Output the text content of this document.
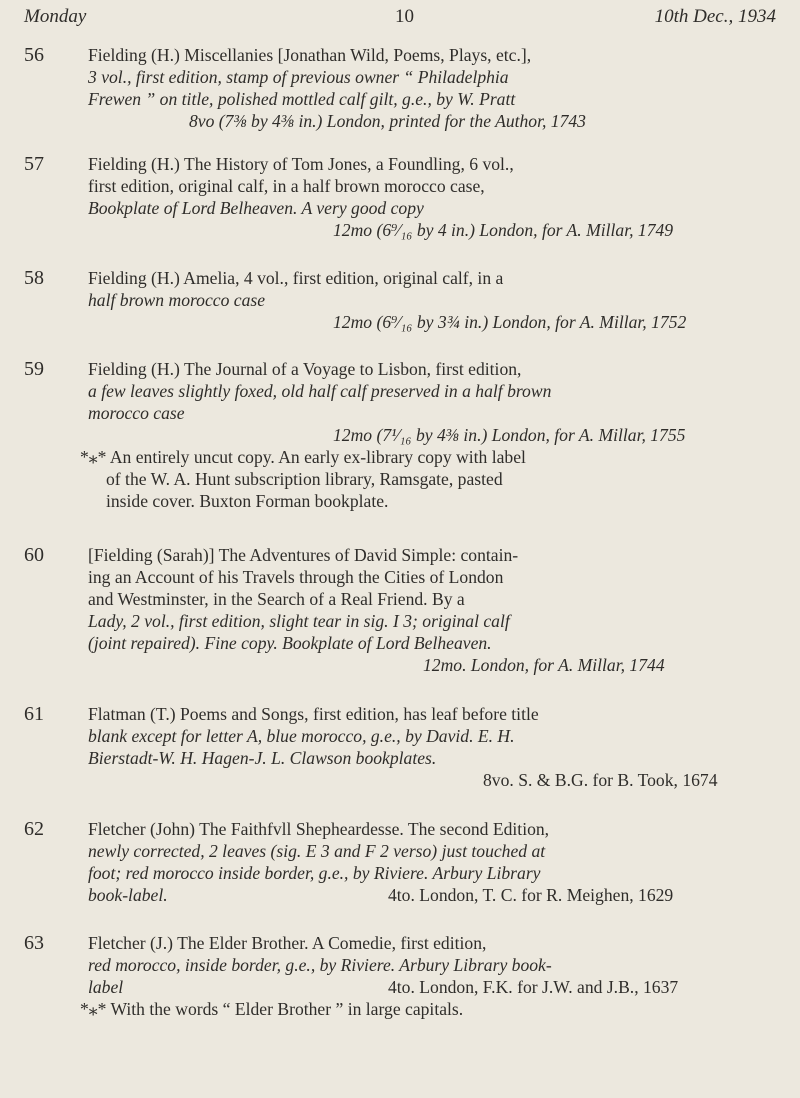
Monday	10	10th Dec., 1934
56	Fielding (H.) Miscellanies [Jonathan Wild, Poems, Plays, etc.],
3 vol., first edition, stamp of previous owner “ Philadelphia
Frewen ” on title, polished mottled calf gilt, g.e., by W. Pratt
8vo (7⅜ by 4⅜ in.) London, printed for the Author, 1743
57	Fielding (H.) The History of Tom Jones, a Foundling, 6 vol.,
first edition, original calf, in a half brown morocco case,
Bookplate of Lord Belheaven. A very good copy
12mo (6⁹⁄₁₆ by 4 in.) London, for A. Millar, 1749
58	Fielding (H.) Amelia, 4 vol., first edition, original calf, in a
half brown morocco case
12mo (6⁹⁄₁₆ by 3¾ in.) London, for A. Millar, 1752
59	Fielding (H.) The Journal of a Voyage to Lisbon, first edition,
a few leaves slightly foxed, old half calf preserved in a half brown
morocco case
12mo (7¹⁄₁₆ by 4⅜ in.) London, for A. Millar, 1755
*⁎* An entirely uncut copy. An early ex-library copy with label
of the W. A. Hunt subscription library, Ramsgate, pasted
inside cover. Buxton Forman bookplate.
60	[Fielding (Sarah)] The Adventures of David Simple: contain-
ing an Account of his Travels through the Cities of London
and Westminster, in the Search of a Real Friend. By a
Lady, 2 vol., first edition, slight tear in sig. I 3; original calf
(joint repaired). Fine copy. Bookplate of Lord Belheaven.
12mo. London, for A. Millar, 1744
61	Flatman (T.) Poems and Songs, first edition, has leaf before title
blank except for letter A, blue morocco, g.e., by David. E. H.
Bierstadt-W. H. Hagen-J. L. Clawson bookplates.
8vo. S. & B.G. for B. Took, 1674
62	Fletcher (John) The Faithfvll Shepheardesse. The second Edition,
newly corrected, 2 leaves (sig. E 3 and F 2 verso) just touched at
foot; red morocco inside border, g.e., by Riviere. Arbury Library
book-label.	4to. London, T. C. for R. Meighen, 1629
63	Fletcher (J.) The Elder Brother. A Comedie, first edition,
red morocco, inside border, g.e., by Riviere. Arbury Library book-
label	4to. London, F.K. for J.W. and J.B., 1637
*⁎* With the words “ Elder Brother ” in large capitals.
